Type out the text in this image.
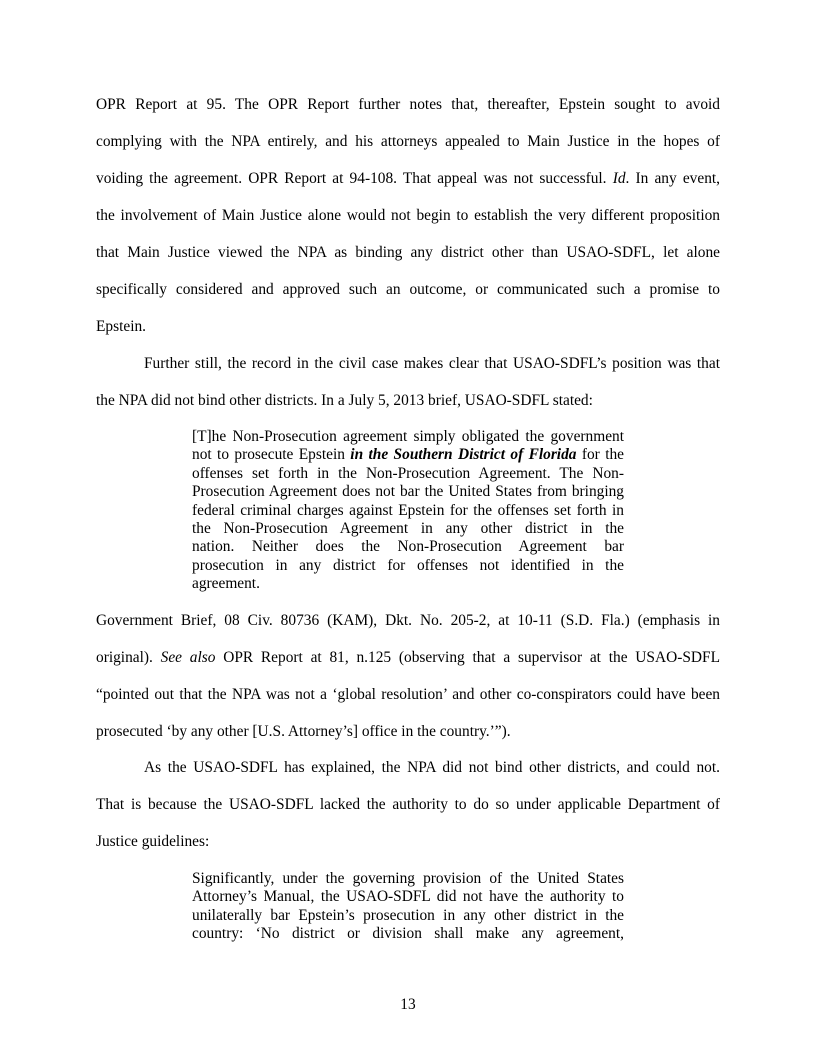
OPR Report at 95. The OPR Report further notes that, thereafter, Epstein sought to avoid
complying with the NPA entirely, and his attorneys appealed to Main Justice in the hopes of
voiding the agreement. OPR Report at 94-108. That appeal was not successful. Id. In any event,
the involvement of Main Justice alone would not begin to establish the very different proposition
that Main Justice viewed the NPA as binding any district other than USAO-SDFL, let alone
specifically considered and approved such an outcome, or communicated such a promise to
Epstein.
Further still, the record in the civil case makes clear that USAO-SDFL’s position was that
the NPA did not bind other districts. In a July 5, 2013 brief, USAO-SDFL stated:
[T]he Non-Prosecution agreement simply obligated the government
not to prosecute Epstein in the Southern District of Florida for the
offenses set forth in the Non-Prosecution Agreement. The Non-
Prosecution Agreement does not bar the United States from bringing
federal criminal charges against Epstein for the offenses set forth in
the Non-Prosecution Agreement in any other district in the
nation. Neither does the Non-Prosecution Agreement bar
prosecution in any district for offenses not identified in the
agreement.
Government Brief, 08 Civ. 80736 (KAM), Dkt. No. 205-2, at 10-11 (S.D. Fla.) (emphasis in
original). See also OPR Report at 81, n.125 (observing that a supervisor at the USAO-SDFL
“pointed out that the NPA was not a ‘global resolution’ and other co-conspirators could have been
prosecuted ‘by any other [U.S. Attorney’s] office in the country.’”).
As the USAO-SDFL has explained, the NPA did not bind other districts, and could not.
That is because the USAO-SDFL lacked the authority to do so under applicable Department of
Justice guidelines:
Significantly, under the governing provision of the United States
Attorney’s Manual, the USAO-SDFL did not have the authority to
unilaterally bar Epstein’s prosecution in any other district in the
country: ‘No district or division shall make any agreement,
13
